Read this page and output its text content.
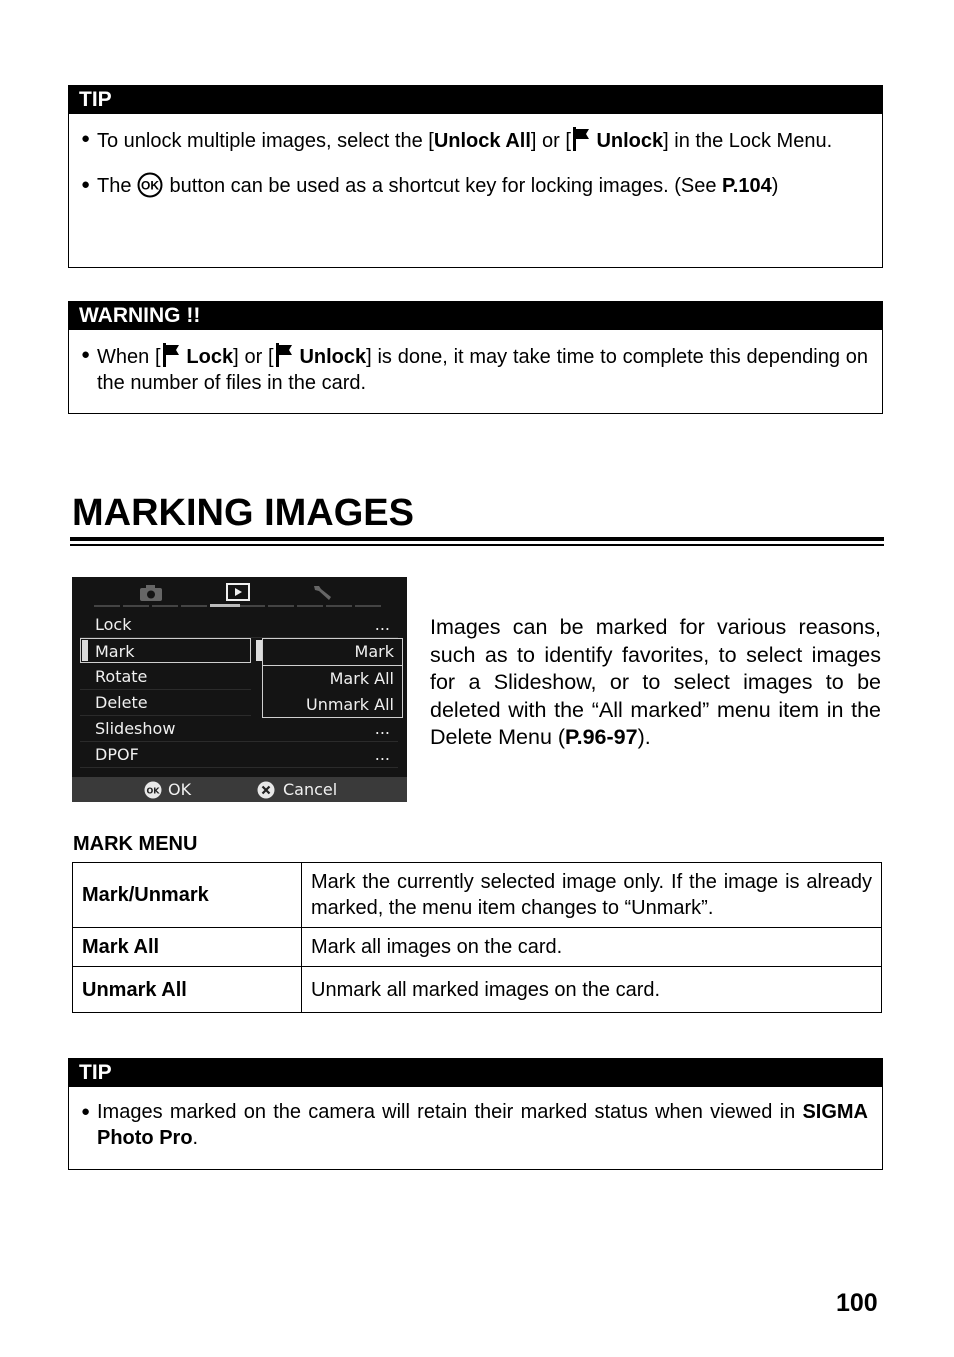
TIP
● To unlock multiple images, select the [Unlock All] or [ Unlock] in the Lock Menu.
● The OK button can be used as a shortcut key for locking images. (See P.104)
WARNING !!
● When [ Lock] or [ Unlock] is done, it may take time to complete this depending on the number of files in the card.
MARKING IMAGES
Lock	...
Mark
Rotate
Delete
Slideshow	...
DPOF	...
Mark
Mark All
Unmark All
OK OK	Cancel
Images can be marked for various reasons, such as to identify favorites, to select images for a Slideshow, or to select images to be deleted with the “All marked” menu item in the Delete Menu (P.96-97).
MARK MENU
Mark/Unmark	Mark the currently selected image only. If the image is already marked, the menu item changes to “Unmark”.
Mark All	Mark all images on the card.
Unmark All	Unmark all marked images on the card.
TIP
● Images marked on the camera will retain their marked status when viewed in SIGMA Photo Pro.
100
